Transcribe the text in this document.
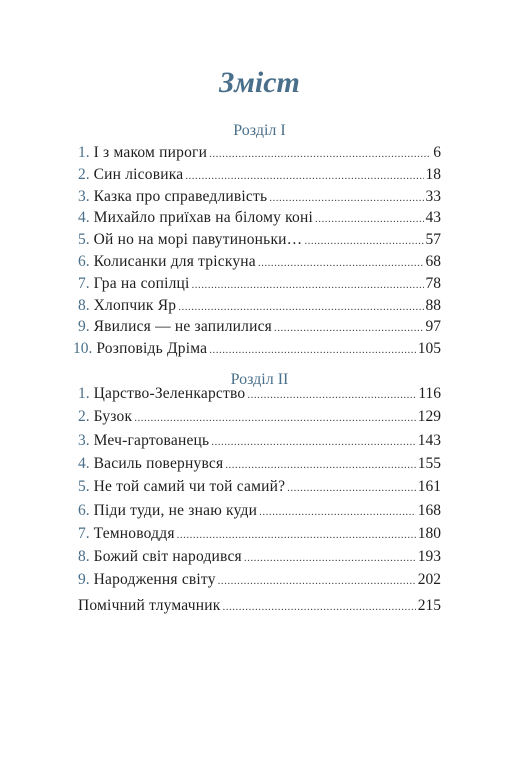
Зміст
Розділ I
1. І з маком пироги .....	6
2. Син лісовика .....	18
3. Казка про справедливість .....	33
4. Михайло приїхав на білому коні .....	43
5. Ой но на морі павутиноньки… .....	57
6. Колисанки для трiскуна .....	68
7. Гра на сопілці .....	78
8. Хлопчик Яр .....	88
9. Явилися — не запилилися .....	97
10. Розповідь Дріма .....	105
Розділ II
1. Царство-Зеленкарство .....	116
2. Бузок .....	129
3. Меч-гартованець .....	143
4. Василь повернувся .....	155
5. Не той самий чи той самий? .....	161
6. Піди туди, не знаю куди .....	168
7. Темноводдя .....	180
8. Божий світ народився .....	193
9. Народження світу .....	202
Помічний тлумачник .....	215
